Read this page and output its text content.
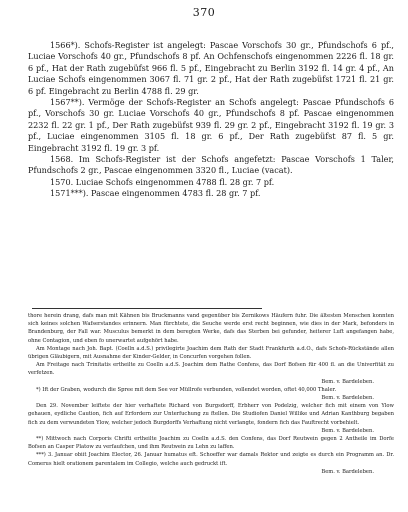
370

1566*). Schofs-Register ist angelegt: Pascae Vorschofs 30 gr., Pfundschofs 6 pf., Luciae Vorschofs 40 gr., Pfundschofs 8 pf. An Ochfenschofs eingenommen 2226 fl. 18 gr. 6 pf., Hat der Rath zugebüfst 966 fl. 5 pf., Eingebracht zu Berlin 3192 fl. 14 gr. 4 pf., An Luciae Schofs eingenommen 3067 fl. 71 gr. 2 pf., Hat der Rath zugebüfst 1721 fl. 21 gr. 6 pf. Eingebracht zu Berlin 4788 fl. 29 gr.

1567**). Vermöge der Schofs-Register an Schofs angelegt: Pascae Pfundschofs 6 pf., Vorschofs 30 gr. Luciae Vorschofs 40 gr., Pfundschofs 8 pf. Pascae eingenommen 2232 fl. 22 gr. 1 pf., Der Rath zugebüfst 939 fl. 29 gr. 2 pf., Eingebracht 3192 fl. 19 gr. 3 pf., Luciae eingenommen 3105 fl. 18 gr. 6 pf., Der Rath zugebüfst 87 fl. 5 gr. Eingebracht 3192 fl. 19 gr. 3 pf.

1568. Im Schofs-Register ist der Schofs angefetzt: Pascae Vorschofs 1 Taler, Pfundschofs 2 gr., Pascae eingenommen 3320 fl., Luciae (vacat).

1570. Luciae Schofs eingenommen 4788 fl. 28 gr. 7 pf.

1571***). Pascae eingenommen 4783 fl. 28 gr. 7 pf.

thore herein drang, dafs man mit Kähnen bis Bruckmanns vand gegenüber bis Zernikows Häufern fuhr. Die ältesten Menschen konnten sich keines solchen Wafserstandes erinnern. Man fürchtete, die Seuche werde erst recht beginnen, wie dies in der Mark, befonders in Brandenburg, der Fall war. Musculus bemerkt in dem beregten Werke, dafs das Sterben bei gefunder, heiterer Luft angefangen habe, ohne Contagion, und eben fo unerwartet aufgehört habe.

Am Montage nach Joh. Bapt. (Coelln a.d.S.) privilegirte Joachim dem Rath der Stadt Frankfurth a.d.O., dafs Schofs-Rückstände allen übrigen Gläubigern, mit Ausnahme der Kinder-Gelder, in Concurfen vorgehen follen.

Am Freitage nach Trinitatis ertheilte zu Coelln a.d.S. Joachim dem Rathe Confens, das Dorf Bofsen für 400 fl. an die Univerfität zu verfetzen.

Bem. v. Bardeleben.

*) Ift der Graben, wodurch die Spree mit dem See vor Müllrofe verbunden, vollendet worden, oftet 40,000 Thaler.

Bem. v. Bardeleben.

Den 29. November leiftete der hier verhaftete Richard von Burgsdorff, Erbherr von Podelzig, welcher fich mit einem von Ylow gehauen, eydliche Caution, fich auf Erfordern zur Unterfuchung zu ftellen. Die Studiofen Daniel Willike und Adrian Kanthburg begaben fich zu dem verwundeten Ylow, welcher jedoch Burgdorffs Verhaftung nicht verlangte, fondern fich das Fauftrecht vorbehielt.

Bem. v. Bardeleben.

**) Mittwoch nach Corporis Chrifti ertheilte Joachim zu Coelln a.d.S. den Confens, das Dorf Reutwein gegen 2 Antheile im Dorfe Bofsen an Casper Platow zu verfaufchen, und ihm Reutwein zu Lehn zu laffen.

***) 3. Januar obiit Joachim Elector, 26. Januar humatus eft. Schoeffer war damals Rektor und zeigte es durch ein Programm an. Dr. Comerus hielt orationem parentalem im Collegio, welche auch gedruckt ift.

Bem. v. Bardeleben.
